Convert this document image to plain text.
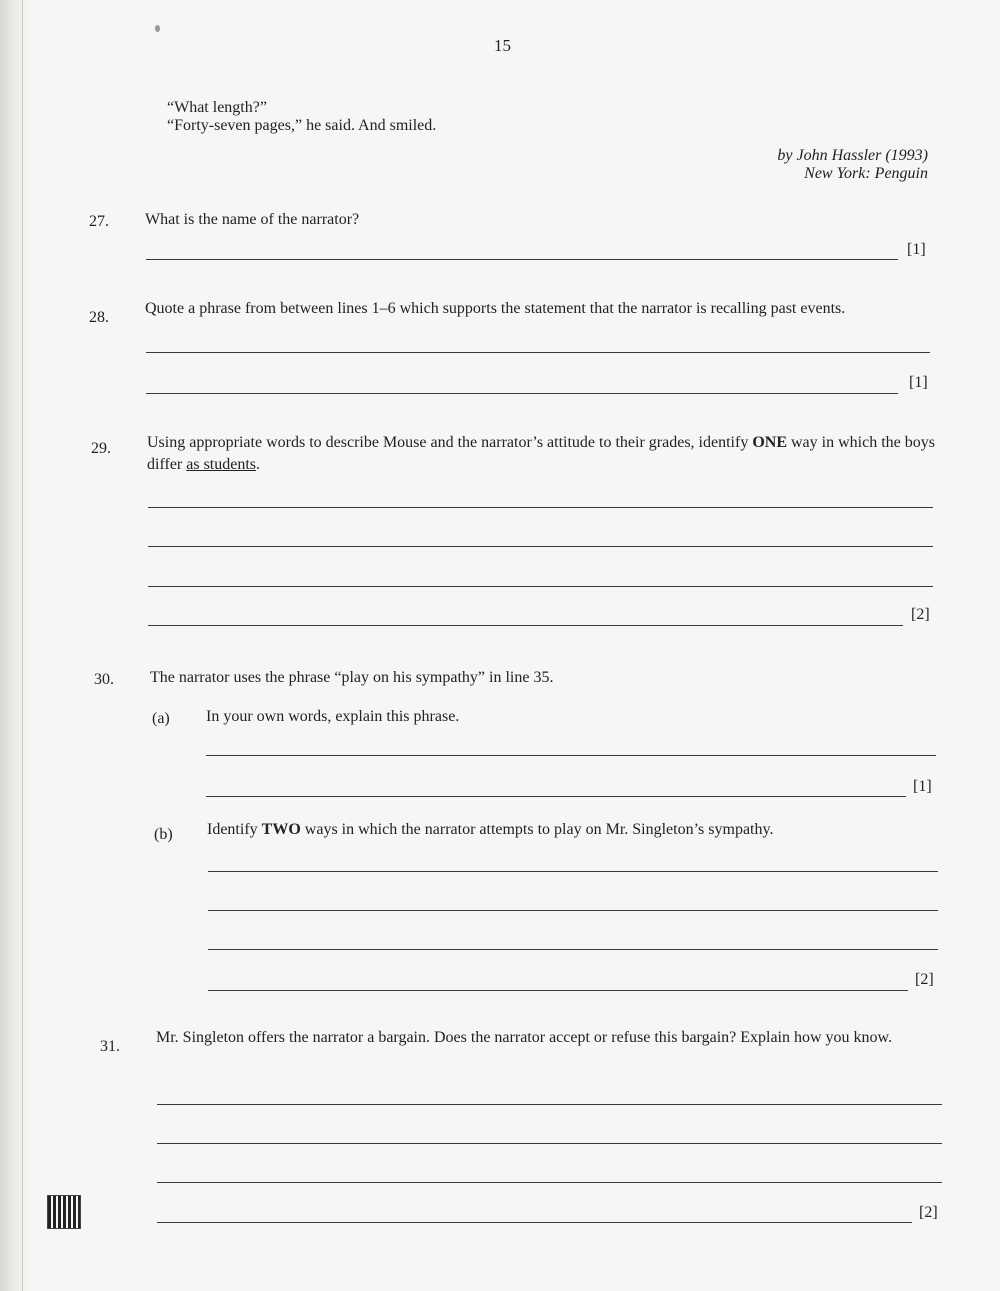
15
“What length?”
“Forty-seven pages,” he said. And smiled.
by John Hassler (1993)
New York: Penguin
27. What is the name of the narrator?
[1]
28.
Quote a phrase from between lines 1–6 which supports the statement that the narrator is recalling past events.
[1]
29. Using appropriate words to describe Mouse and the narrator’s attitude to their grades, identify ONE way in which the boys differ as students.
[2]
30. The narrator uses the phrase “play on his sympathy” in line 35.
(a) In your own words, explain this phrase.
[1]
(b) Identify TWO ways in which the narrator attempts to play on Mr. Singleton’s sympathy.
[2]
31.
Mr. Singleton offers the narrator a bargain. Does the narrator accept or refuse this bargain? Explain how you know.
[2]
